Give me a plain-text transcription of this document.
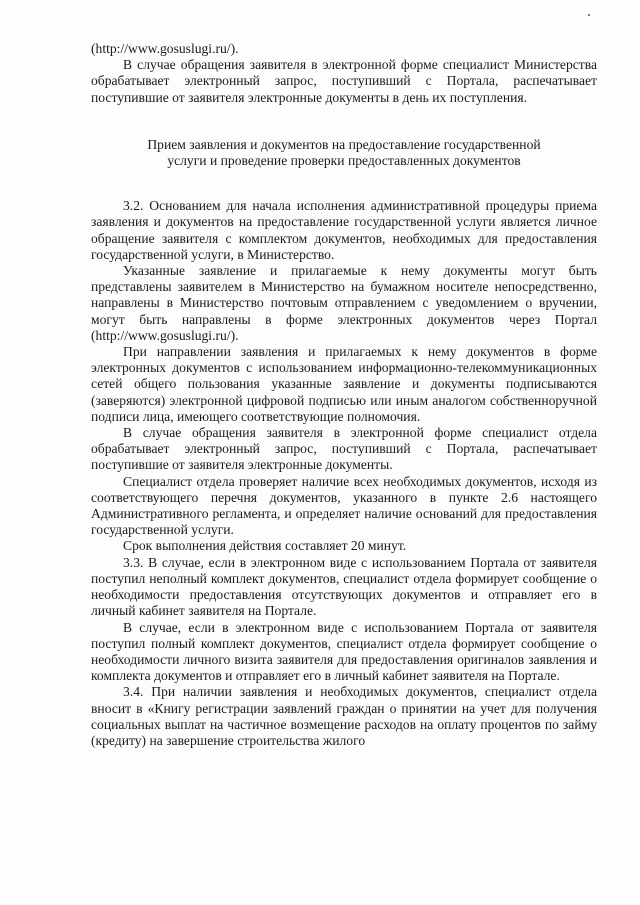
(http://www.gosuslugi.ru/).

В случае обращения заявителя в электронной форме специалист Министерства обрабатывает электронный запрос, поступивший с Портала, распечатывает поступившие от заявителя электронные документы в день их поступления.

Прием заявления и документов на предоставление государственной услуги и проведение проверки предоставленных документов

3.2. Основанием для начала исполнения административной процедуры приема заявления и документов на предоставление государственной услуги является личное обращение заявителя с комплектом документов, необходимых для предоставления государственной услуги, в Министерство.

Указанные заявление и прилагаемые к нему документы могут быть представлены заявителем в Министерство на бумажном носителе непосредственно, направлены в Министерство почтовым отправлением с уведомлением о вручении, могут быть направлены в форме электронных документов через Портал (http://www.gosuslugi.ru/).

При направлении заявления и прилагаемых к нему документов в форме электронных документов с использованием информационно-телекоммуникационных сетей общего пользования указанные заявление и документы подписываются (заверяются) электронной цифровой подписью или иным аналогом собственноручной подписи лица, имеющего соответствующие полномочия.

В случае обращения заявителя в электронной форме специалист отдела обрабатывает электронный запрос, поступивший с Портала, распечатывает поступившие от заявителя электронные документы.

Специалист отдела проверяет наличие всех необходимых документов, исходя из соответствующего перечня документов, указанного в пункте 2.6 настоящего Административного регламента, и определяет наличие оснований для предоставления государственной услуги.

Срок выполнения действия составляет 20 минут.

3.3. В случае, если в электронном виде с использованием Портала от заявителя поступил неполный комплект документов, специалист отдела формирует сообщение о необходимости предоставления отсутствующих документов и отправляет его в личный кабинет заявителя на Портале.

В случае, если в электронном виде с использованием Портала от заявителя поступил полный комплект документов, специалист отдела формирует сообщение о необходимости личного визита заявителя для предоставления оригиналов заявления и комплекта документов и отправляет его в личный кабинет заявителя на Портале.

3.4. При наличии заявления и необходимых документов, специалист отдела вносит в «Книгу регистрации заявлений граждан о принятии на учет для получения социальных выплат на частичное возмещение расходов на оплату процентов по займу (кредиту) на завершение строительства жилого
